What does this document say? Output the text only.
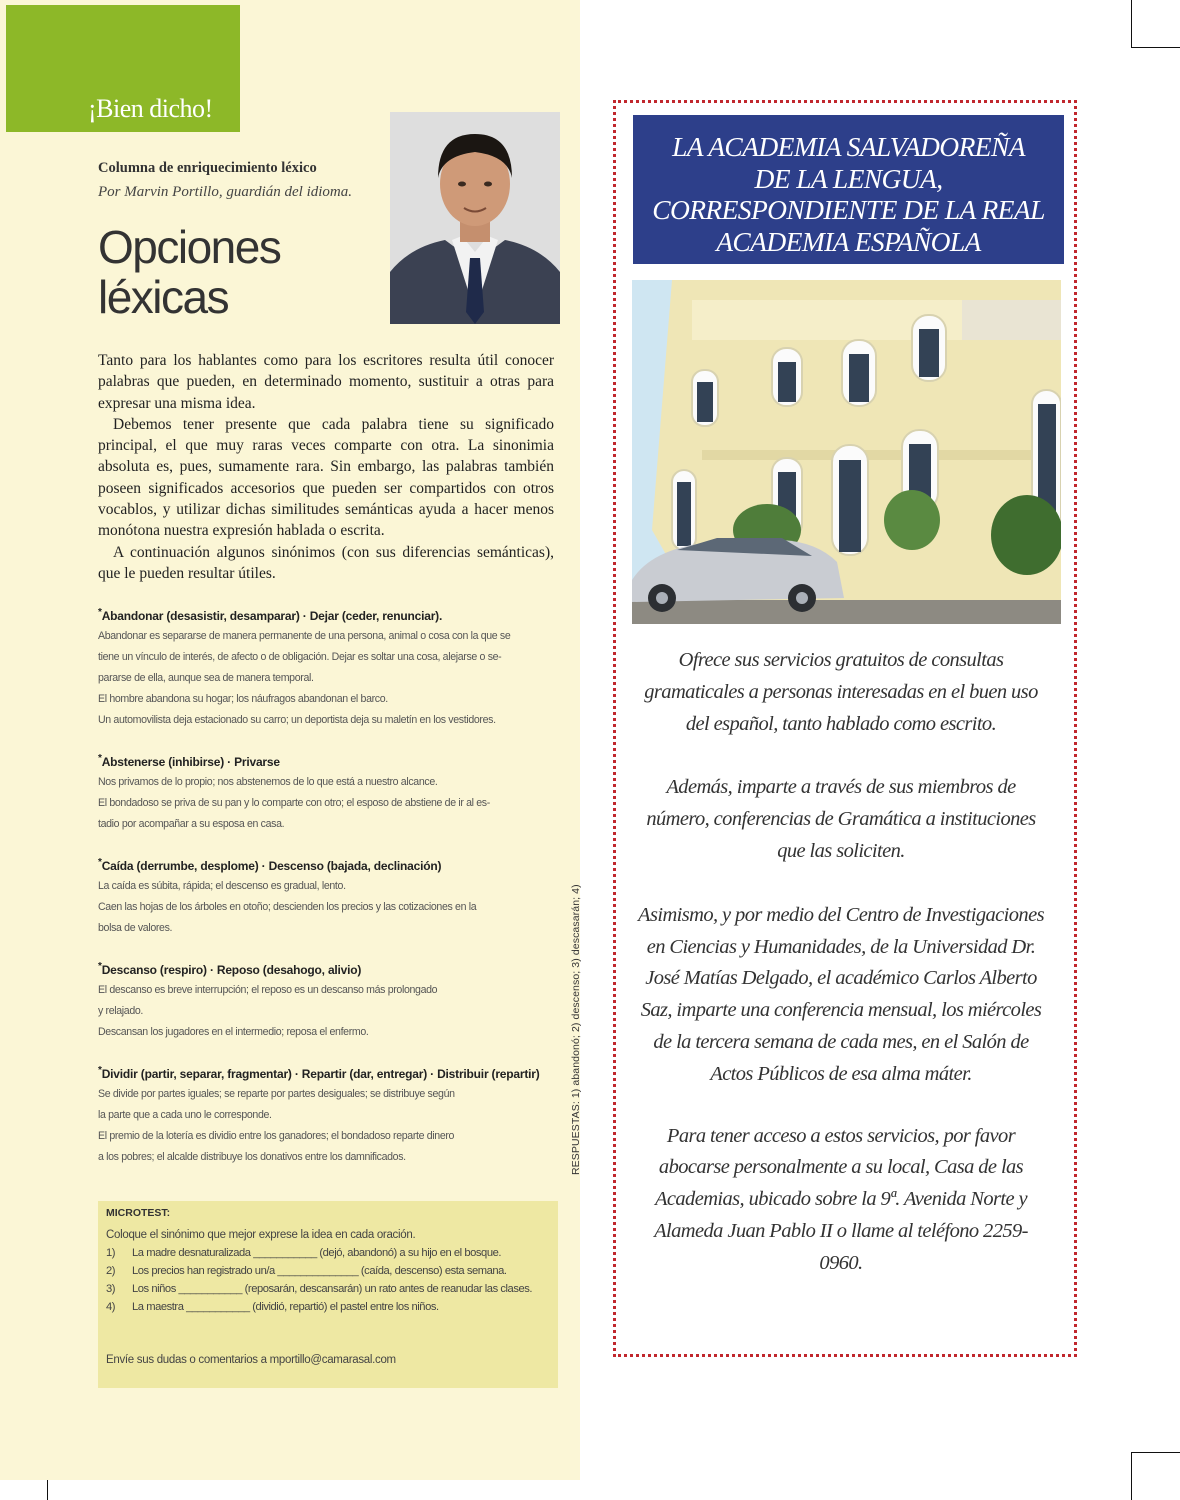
¡Bien dicho!
Columna de enriquecimiento léxico
Por Marvin Portillo, guardián del idioma.
Opciones
léxicas

Tanto para los hablantes como para los escritores resulta útil conocer palabras que pueden, en determinado momento, sustituir a otras para expresar una misma idea.

Debemos tener presente que cada palabra tiene su significado principal, el que muy raras veces comparte con otra. La sinonimia absoluta es, pues, sumamente rara. Sin embargo, las palabras también poseen significados accesorios que pueden ser compartidos con otros vocablos, y utilizar dichas similitudes semánticas ayuda a hacer menos monótona nuestra expresión hablada o escrita.

A continuación algunos sinónimos (con sus diferencias semánticas), que le pueden resultar útiles.

*Abandonar (desasistir, desamparar) · Dejar (ceder, renunciar).

Abandonar es separarse de manera permanente de una persona, animal o cosa con la que se

tiene un vínculo de interés, de afecto o de obligación. Dejar es soltar una cosa, alejarse o se-

pararse de ella, aunque sea de manera temporal.

El hombre abandona su hogar; los náufragos abandonan el barco.

Un automovilista deja estacionado su carro; un deportista deja su maletín en los vestidores.

*Abstenerse (inhibirse) · Privarse

Nos privamos de lo propio; nos abstenemos de lo que está a nuestro alcance.

El bondadoso se priva de su pan y lo comparte con otro; el esposo de abstiene de ir al es-

tadio por acompañar a su esposa en casa.

*Caída (derrumbe, desplome) · Descenso (bajada, declinación)

La caída es súbita, rápida; el descenso es gradual, lento.

Caen las hojas de los árboles en otoño; descienden los precios y las cotizaciones en la

bolsa de valores.

*Descanso (respiro) · Reposo (desahogo, alivio)

El descanso es breve interrupción; el reposo es un descanso más prolongado

y relajado.

Descansan los jugadores en el intermedio; reposa el enfermo.

*Dividir (partir, separar, fragmentar) · Repartir (dar, entregar) · Distribuir (repartir)

Se divide por partes iguales; se reparte por partes desiguales; se distribuye según

la parte que a cada uno le corresponde.

El premio de la lotería es dividio entre los ganadores; el bondadoso reparte dinero

a los pobres; el alcalde distribuye los donativos entre los damnificados.	RESPUESTAS: 1) abandonó; 2) descenso; 3) descasarán; 4)

MICROTEST:

Coloque el sinónimo que mejor exprese la idea en cada oración.

1) La madre desnaturalizada ___________ (dejó, abandonó) a su hijo en el bosque.

2) Los precios han registrado un/a ______________ (caída, descenso) esta semana.

3) Los niños ___________ (reposarán, descansarán) un rato antes de reanudar las clases.

4) La maestra ___________ (dividió, repartió) el pastel entre los niños.

Envíe sus dudas o comentarios a mportillo@camarasal.com
LA ACADEMIA SALVADOREÑA
DE LA LENGUA,
CORRESPONDIENTE DE LA REAL
ACADEMIA ESPAÑOLA

Ofrece sus servicios gratuitos de consultas gramaticales a personas interesadas en el buen uso del español, tanto hablado como escrito.

Además, imparte a través de sus miembros de número, conferencias de Gramática a instituciones que las soliciten.

Asimismo, y por medio del Centro de Investigaciones en Ciencias y Humanidades, de la Universidad Dr. José Matías Delgado, el académico Carlos Alberto Saz, imparte una conferencia mensual, los miércoles de la tercera semana de cada mes, en el Salón de Actos Públicos de esa alma máter.

Para tener acceso a estos servicios, por favor abocarse personalmente a su local, Casa de las Academias, ubicado sobre la 9ª. Avenida Norte y Alameda Juan Pablo II o llame al teléfono 2259-0960.
